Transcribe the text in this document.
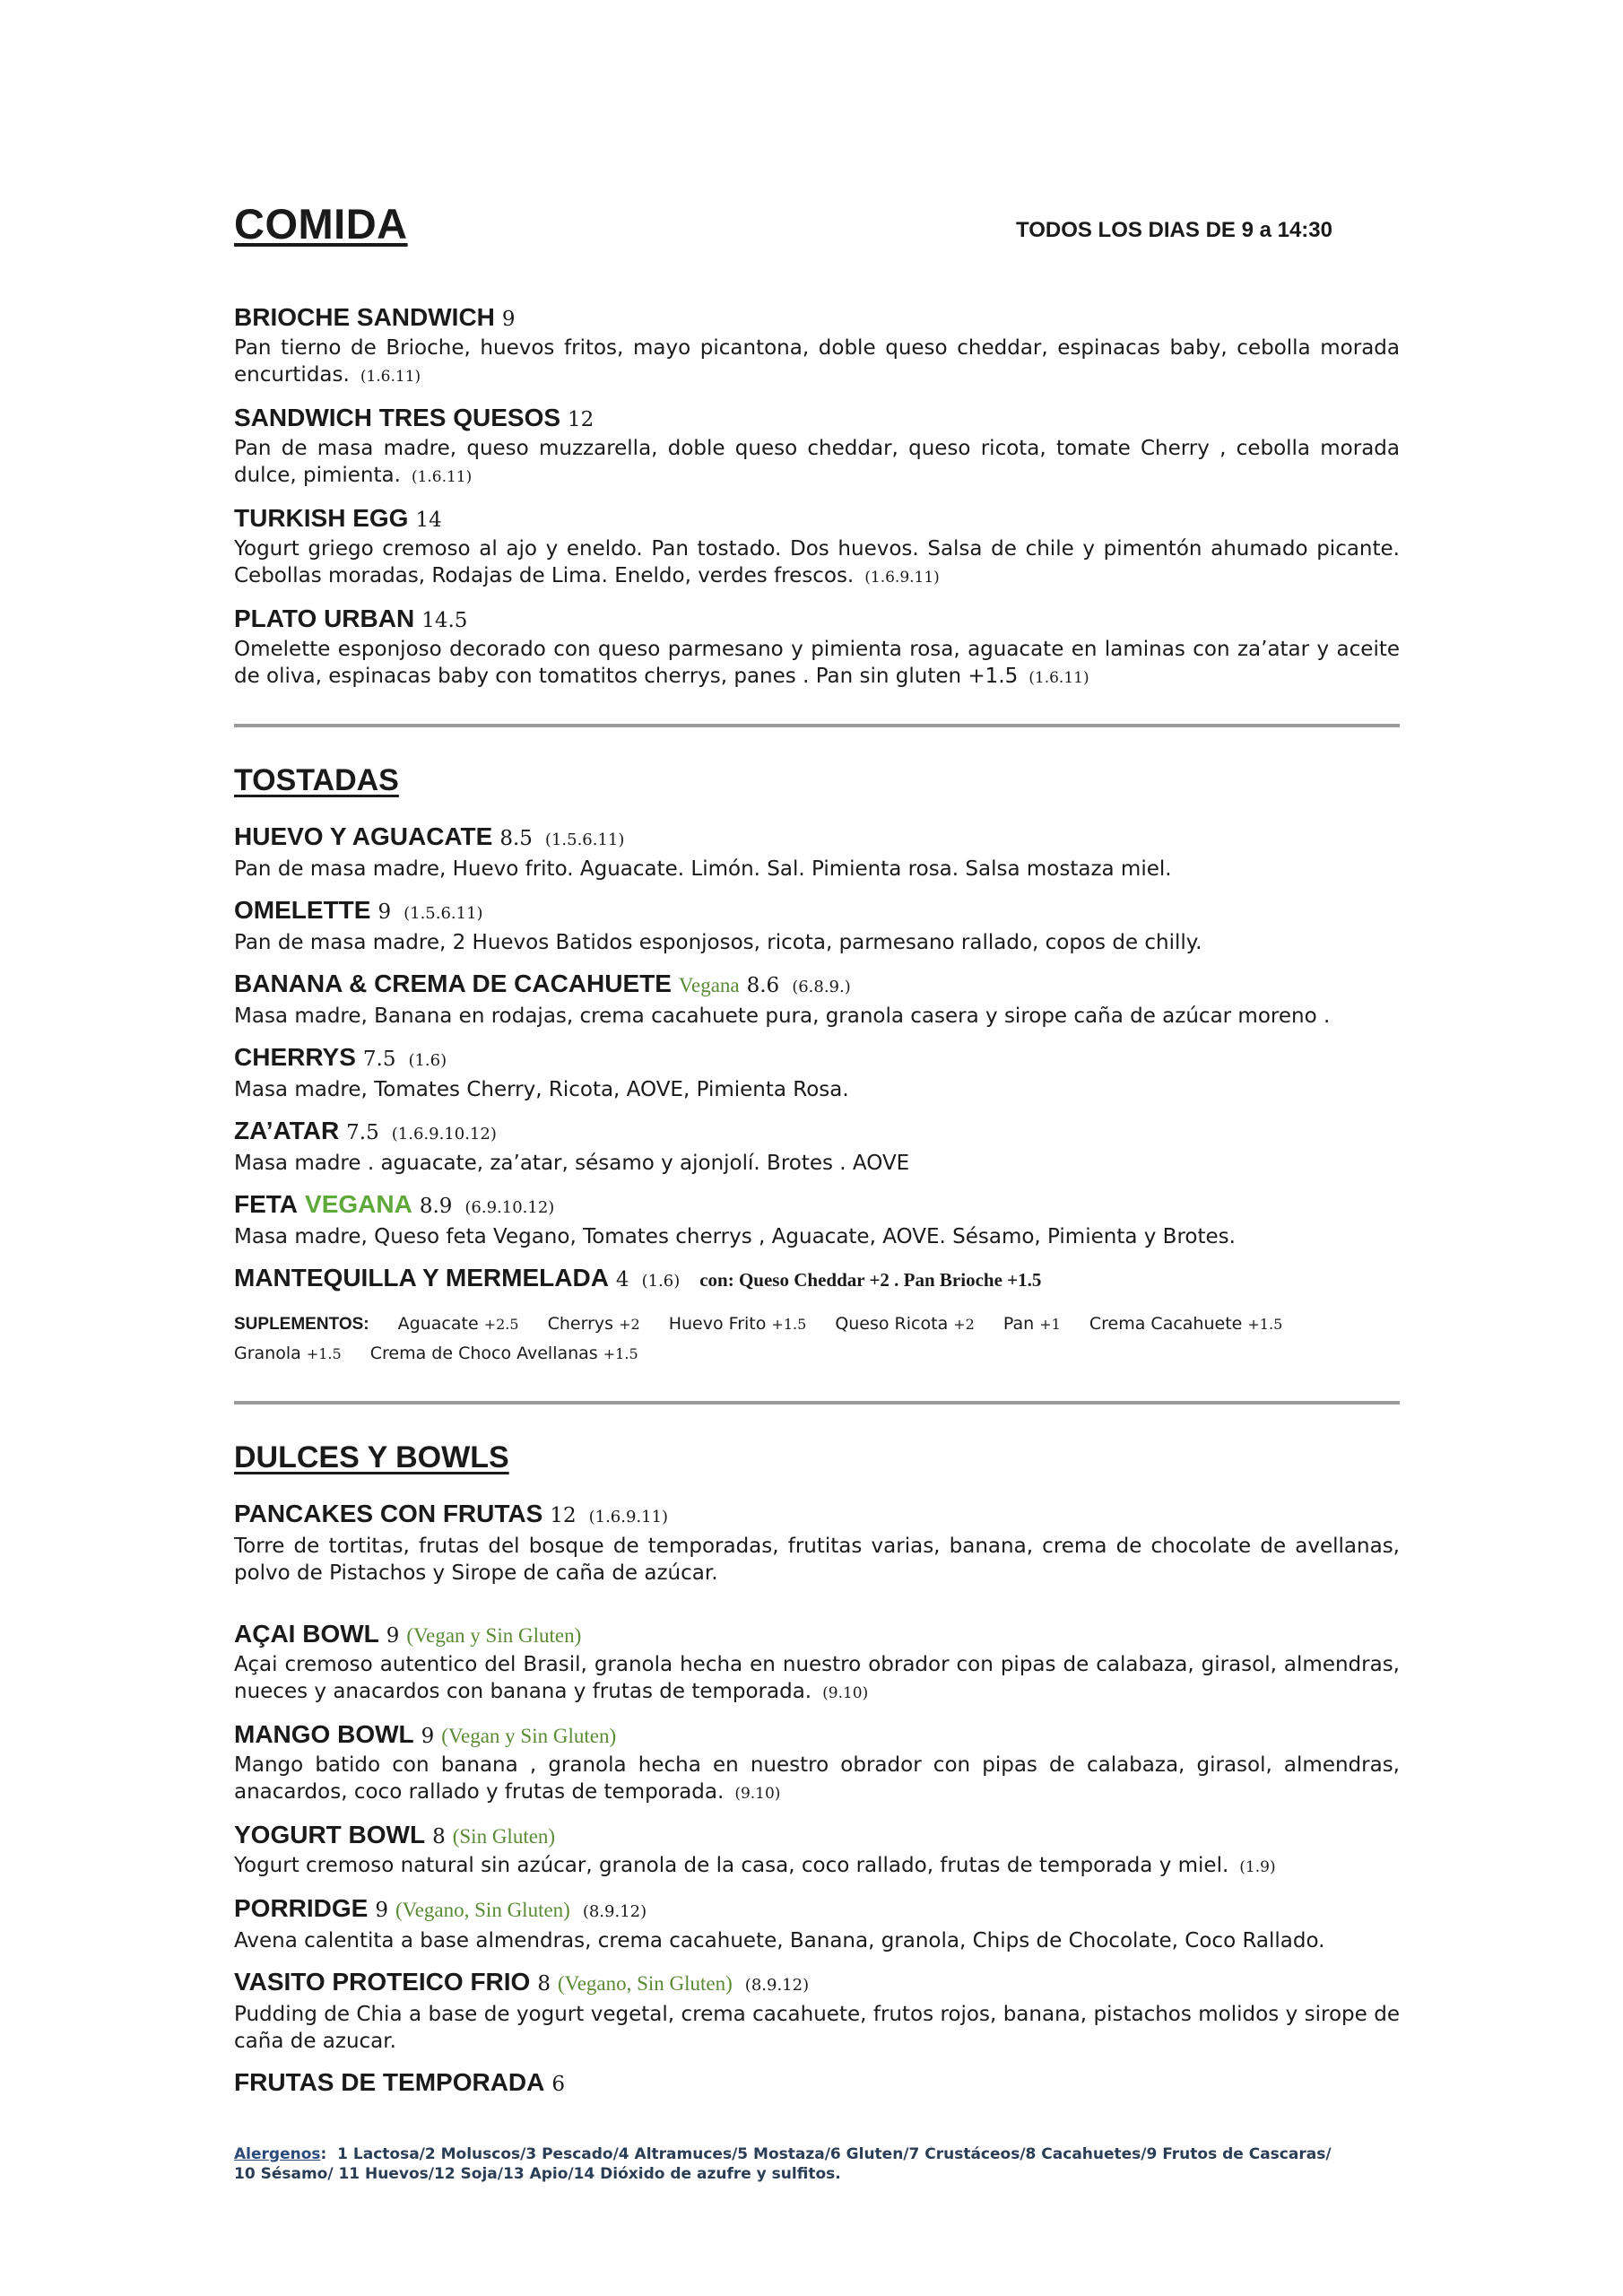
COMIDA	TODOS LOS DIAS DE 9 a 14:30
BRIOCHE SANDWICH 9
Pan tierno de Brioche, huevos fritos, mayo picantona, doble queso cheddar, espinacas baby, cebolla morada encurtidas. (1.6.11)
SANDWICH TRES QUESOS 12
Pan de masa madre, queso muzzarella, doble queso cheddar, queso ricota, tomate Cherry , cebolla morada dulce, pimienta. (1.6.11)
TURKISH EGG 14
Yogurt griego cremoso al ajo y eneldo. Pan tostado. Dos huevos. Salsa de chile y pimentón ahumado picante. Cebollas moradas, Rodajas de Lima. Eneldo, verdes frescos. (1.6.9.11)
PLATO URBAN 14.5
Omelette esponjoso decorado con queso parmesano y pimienta rosa, aguacate en laminas con za’atar y aceite de oliva, espinacas baby con tomatitos cherrys, panes . Pan sin gluten +1.5 (1.6.11)
TOSTADAS
HUEVO Y AGUACATE 8.5 (1.5.6.11)
Pan de masa madre, Huevo frito. Aguacate. Limón. Sal. Pimienta rosa. Salsa mostaza miel.
OMELETTE 9 (1.5.6.11)
Pan de masa madre, 2 Huevos Batidos esponjosos, ricota, parmesano rallado, copos de chilly.
BANANA & CREMA DE CACAHUETE Vegana 8.6 (6.8.9.)
Masa madre, Banana en rodajas, crema cacahuete pura, granola casera y sirope caña de azúcar moreno .
CHERRYS 7.5 (1.6)
Masa madre, Tomates Cherry, Ricota, AOVE, Pimienta Rosa.
ZA’ATAR 7.5 (1.6.9.10.12)
Masa madre . aguacate, za’atar, sésamo y ajonjolí. Brotes . AOVE
FETA VEGANA 8.9 (6.9.10.12)
Masa madre, Queso feta Vegano, Tomates cherrys , Aguacate, AOVE. Sésamo, Pimienta y Brotes.
MANTEQUILLA Y MERMELADA 4 (1.6) con: Queso Cheddar +2 . Pan Brioche +1.5
SUPLEMENTOS: Aguacate +2.5 Cherrys +2 Huevo Frito +1.5 Queso Ricota +2 Pan +1 Crema Cacahuete +1.5 Granola +1.5 Crema de Choco Avellanas +1.5
DULCES Y BOWLS
PANCAKES CON FRUTAS 12 (1.6.9.11)
Torre de tortitas, frutas del bosque de temporadas, frutitas varias, banana, crema de chocolate de avellanas, polvo de Pistachos y Sirope de caña de azúcar.
AÇAI BOWL 9 (Vegan y Sin Gluten)
Açai cremoso autentico del Brasil, granola hecha en nuestro obrador con pipas de calabaza, girasol, almendras, nueces y anacardos con banana y frutas de temporada. (9.10)
MANGO BOWL 9 (Vegan y Sin Gluten)
Mango batido con banana , granola hecha en nuestro obrador con pipas de calabaza, girasol, almendras, anacardos, coco rallado y frutas de temporada. (9.10)
YOGURT BOWL 8 (Sin Gluten)
Yogurt cremoso natural sin azúcar, granola de la casa, coco rallado, frutas de temporada y miel. (1.9)
PORRIDGE 9 (Vegano, Sin Gluten) (8.9.12)
Avena calentita a base almendras, crema cacahuete, Banana, granola, Chips de Chocolate, Coco Rallado.
VASITO PROTEICO FRIO 8 (Vegano, Sin Gluten) (8.9.12)
Pudding de Chia a base de yogurt vegetal, crema cacahuete, frutos rojos, banana, pistachos molidos y sirope de caña de azucar.
FRUTAS DE TEMPORADA 6
Alergenos:  1 Lactosa/2 Moluscos/3 Pescado/4 Altramuces/5 Mostaza/6 Gluten/7 Crustáceos/8 Cacahuetes/9 Frutos de Cascaras/
10 Sésamo/ 11 Huevos/12 Soja/13 Apio/14 Dióxido de azufre y sulfitos.
